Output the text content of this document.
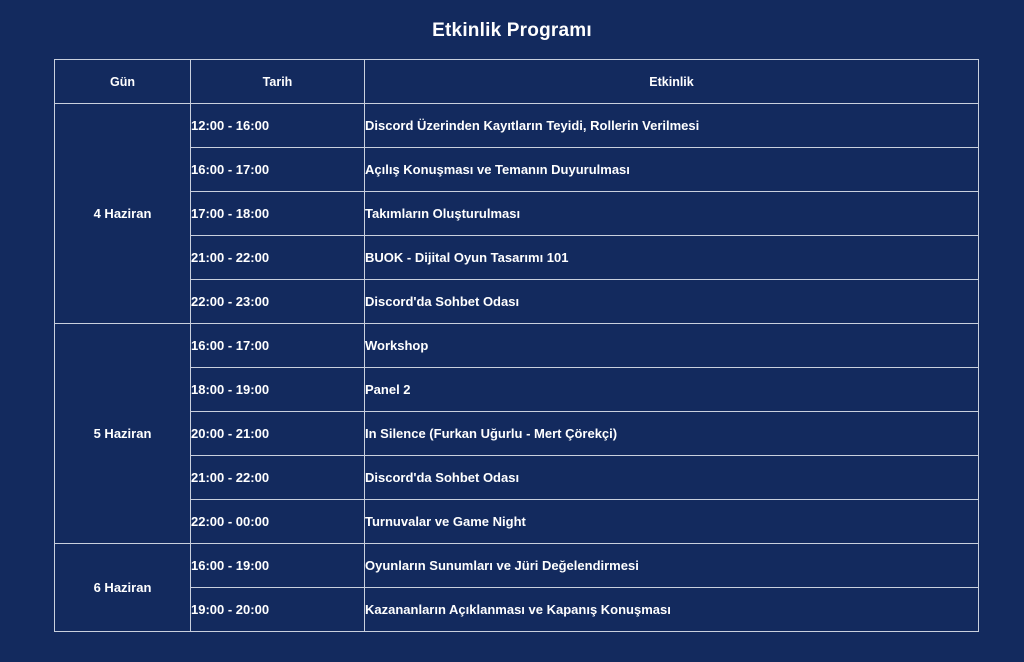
Etkinlik Programı
Gün	Tarih	Etkinlik
4 Haziran	12:00 - 16:00	Discord Üzerinden Kayıtların Teyidi, Rollerin Verilmesi
	16:00 - 17:00	Açılış Konuşması ve Temanın Duyurulması
	17:00 - 18:00	Takımların Oluşturulması
	21:00 - 22:00	BUOK - Dijital Oyun Tasarımı 101
	22:00 - 23:00	Discord'da Sohbet Odası
5 Haziran	16:00 - 17:00	Workshop
	18:00 - 19:00	Panel 2
	20:00 - 21:00	In Silence (Furkan Uğurlu - Mert Çörekçi)
	21:00 - 22:00	Discord'da Sohbet Odası
	22:00 - 00:00	Turnuvalar ve Game Night
6 Haziran	16:00 - 19:00	Oyunların Sunumları ve Jüri Değelendirmesi
	19:00 - 20:00	Kazananların Açıklanması ve Kapanış Konuşması
